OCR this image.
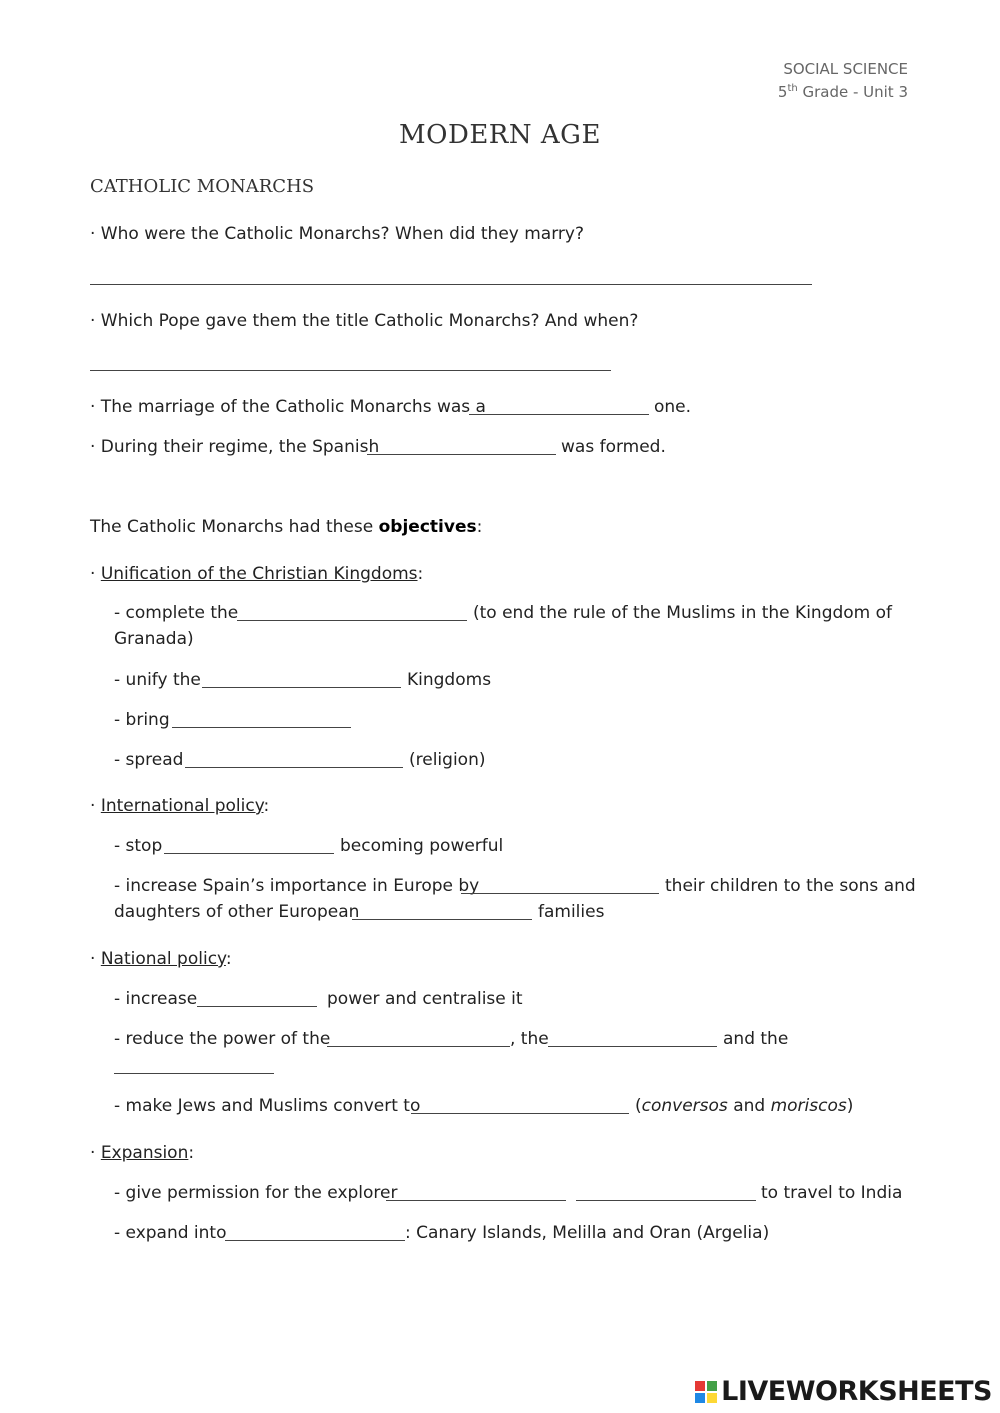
SOCIAL SCIENCE
5th Grade - Unit 3
MODERN AGE
CATHOLIC MONARCHS
· Who were the Catholic Monarchs? When did they marry?
· Which Pope gave them the title Catholic Monarchs? And when?
· The marriage of the Catholic Monarchs was a	one.
· During their regime, the Spanish	was formed.
The Catholic Monarchs had these objectives:
· Unification of the Christian Kingdoms:
- complete the	(to end the rule of the Muslims in the Kingdom of
Granada)
- unify the	Kingdoms
- bring
- spread	(religion)
· International policy:
- stop	becoming powerful
- increase Spain’s importance in Europe by	their children to the sons and
daughters of other European	families
· National policy:
- increase	power and centralise it
- reduce the power of the	, the	and the
- make Jews and Muslims convert to	(conversos and moriscos)
· Expansion:
- give permission for the explorer	to travel to India
- expand into	: Canary Islands, Melilla and Oran (Argelia)
LIVEWORKSHEETS
